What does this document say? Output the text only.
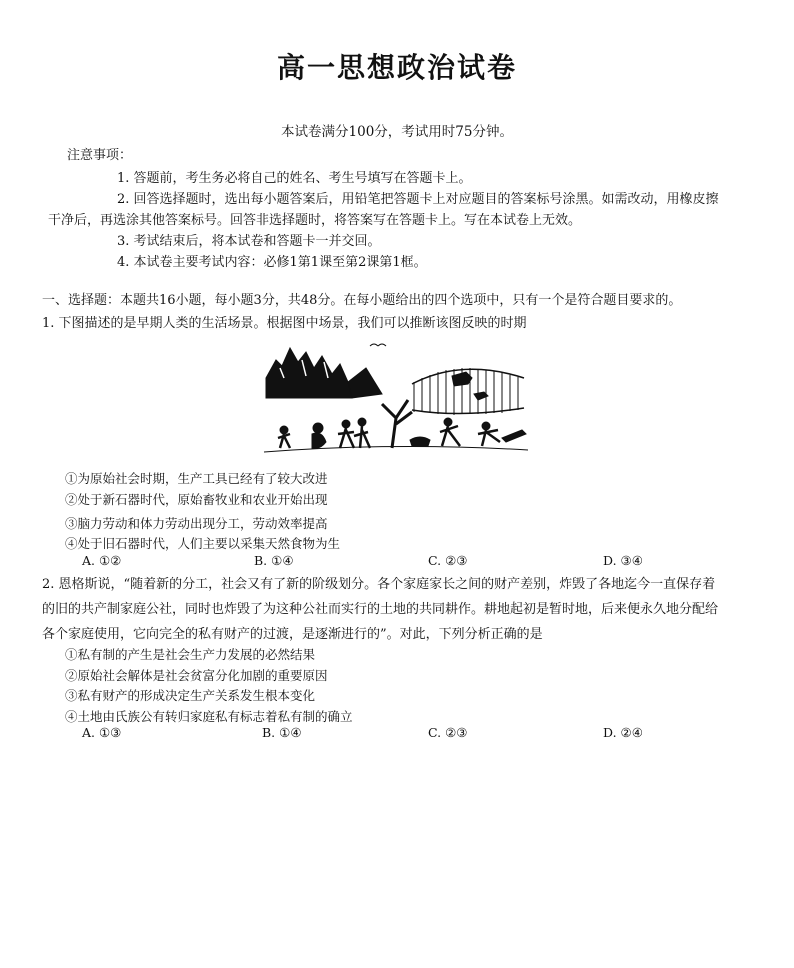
高一思想政治试卷
本试卷满分100分，考试用时75分钟。
注意事项：
1. 答题前，考生务必将自己的姓名、考生号填写在答题卡上。
2. 回答选择题时，选出每小题答案后，用铅笔把答题卡上对应题目的答案标号涂黑。如需改动，用橡皮擦
干净后，再选涂其他答案标号。回答非选择题时，将答案写在答题卡上。写在本试卷上无效。
3. 考试结束后，将本试卷和答题卡一并交回。
4. 本试卷主要考试内容：必修1第1课至第2课第1框。
一、选择题：本题共16小题，每小题3分，共48分。在每小题给出的四个选项中，只有一个是符合题目要求的。
1. 下图描述的是早期人类的生活场景。根据图中场景，我们可以推断该图反映的时期
①为原始社会时期，生产工具已经有了较大改进
②处于新石器时代，原始畜牧业和农业开始出现
③脑力劳动和体力劳动出现分工，劳动效率提高
④处于旧石器时代，人们主要以采集天然食物为生
A. ①②	B. ①④	C. ②③	D. ③④
2. 恩格斯说，“随着新的分工，社会又有了新的阶级划分。各个家庭家长之间的财产差别，炸毁了各地迄今一直保存着
的旧的共产制家庭公社，同时也炸毁了为这种公社而实行的土地的共同耕作。耕地起初是暂时地，后来便永久地分配给
各个家庭使用，它向完全的私有财产的过渡，是逐渐进行的”。对此，下列分析正确的是
①私有制的产生是社会生产力发展的必然结果
②原始社会解体是社会贫富分化加剧的重要原因
③私有财产的形成决定生产关系发生根本变化
④土地由氏族公有转归家庭私有标志着私有制的确立
A. ①③	B. ①④	C. ②③	D. ②④
